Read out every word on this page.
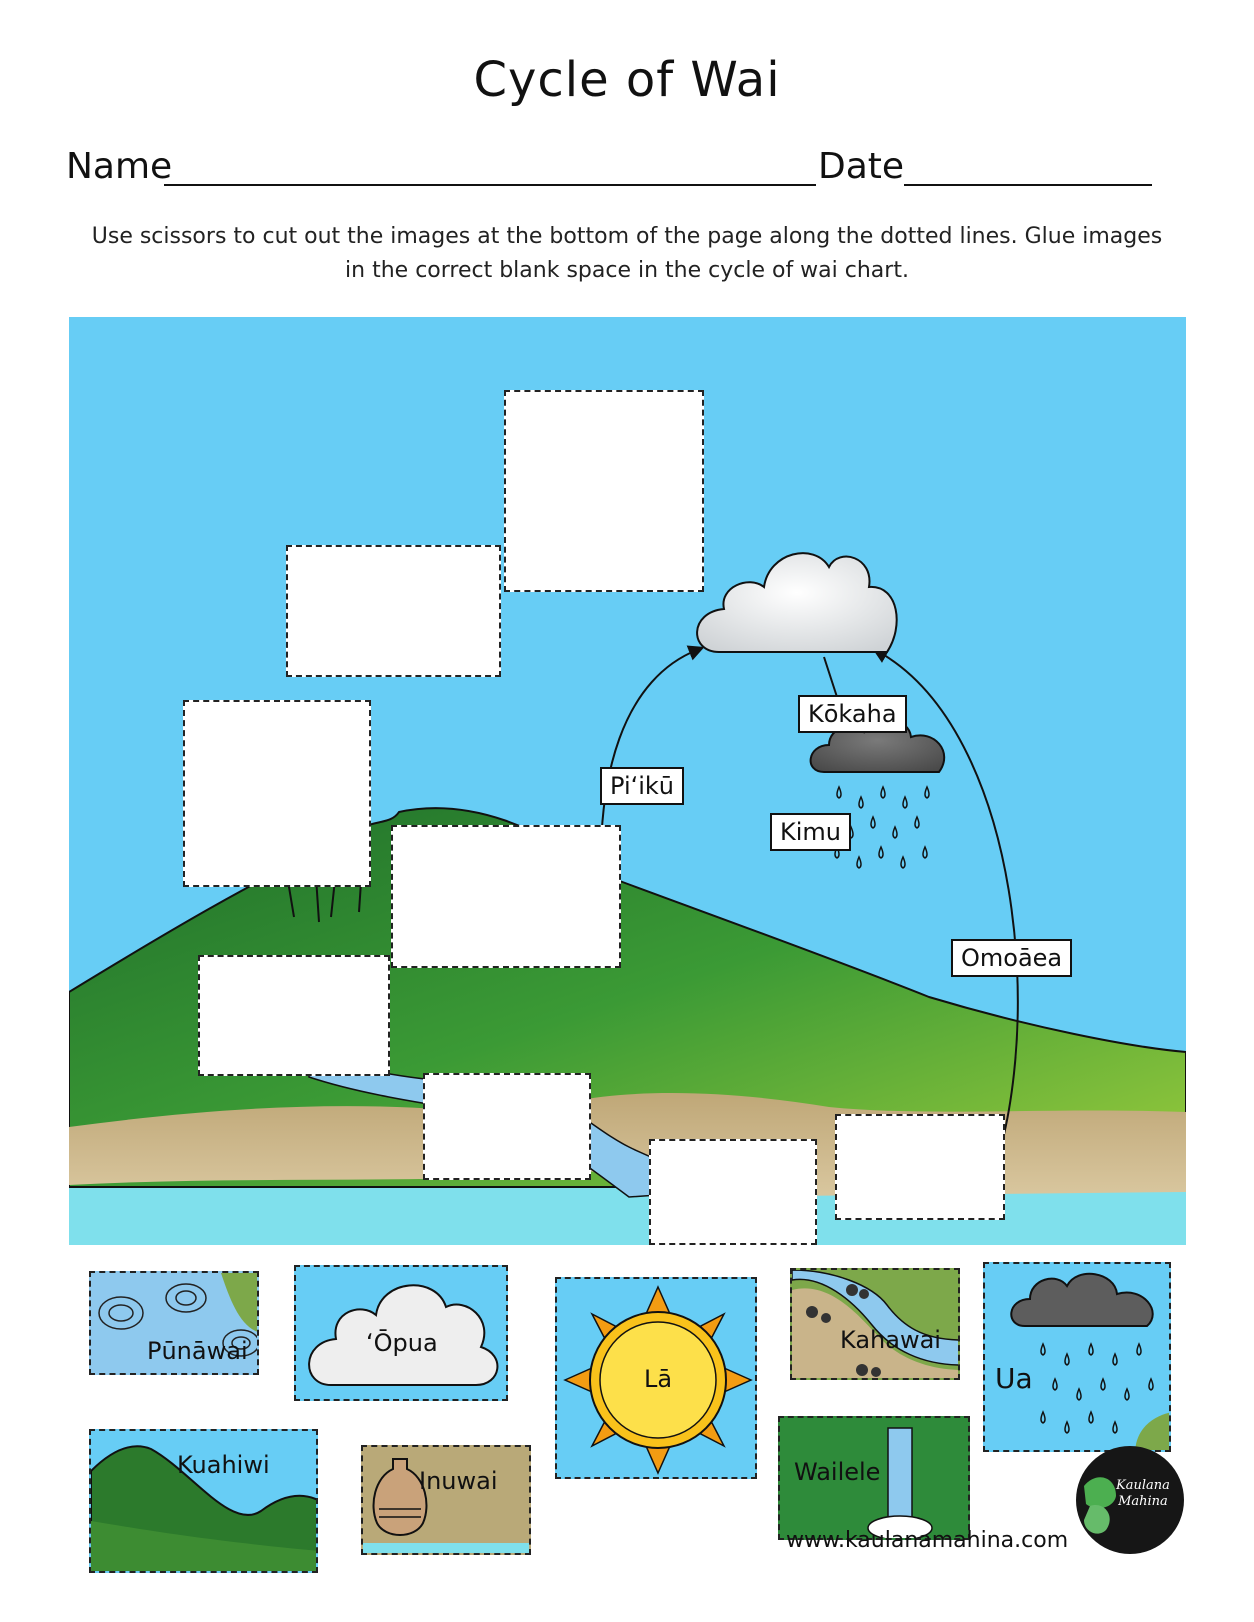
Cycle of Wai
Name	Date
Use scissors to cut out the images at the bottom of the page along the dotted lines. Glue images in the correct blank space in the cycle of wai chart.
Kōkaha
Piʻikū
Kimu
Omoāea
Pūnāwai	ʻŌpua
Lā
Kahawai
Ua
Kuahiwi
Inuwai	Wailele
www.kaulanamahina.com
Kaulana
Mahina
